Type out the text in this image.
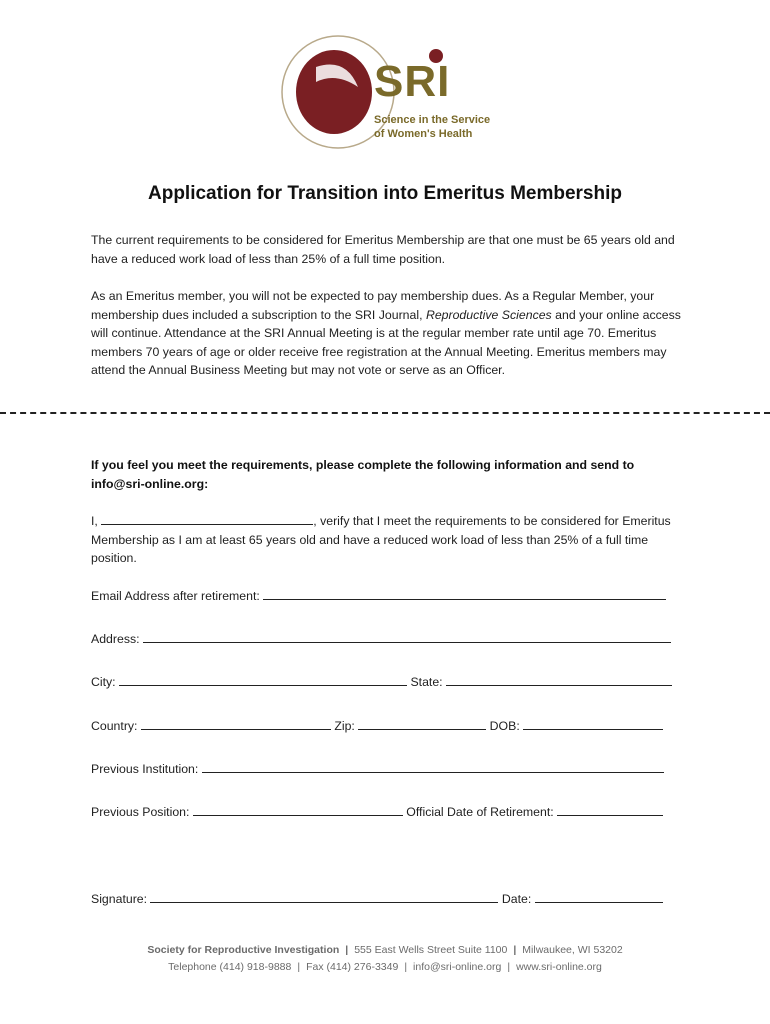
SRI
Science in the Service
of Women's Health
Application for Transition into Emeritus Membership
The current requirements to be considered for Emeritus Membership are that one must be 65 years old and have a reduced work load of less than 25% of a full time position.
As an Emeritus member, you will not be expected to pay membership dues. As a Regular Member, your membership dues included a subscription to the SRI Journal, Reproductive Sciences and your online access will continue. Attendance at the SRI Annual Meeting is at the regular member rate until age 70. Emeritus members 70 years of age or older receive free registration at the Annual Meeting. Emeritus members may attend the Annual Business Meeting but may not vote or serve as an Officer.
If you feel you meet the requirements, please complete the following information and send to info@sri-online.org:
I,	, verify that I meet the requirements to be considered for Emeritus Membership as I am at least 65 years old and have a reduced work load of less than 25% of a full time position.
Email Address after retirement:
Address:
City:	State:
Country:	Zip:	DOB:
Previous Institution:
Previous Position:	Official Date of Retirement:
Signature:	Date:
Society for Reproductive Investigation | 555 East Wells Street Suite 1100 | Milwaukee, WI 53202
Telephone (414) 918-9888 | Fax (414) 276-3349 | info@sri-online.org | www.sri-online.org
